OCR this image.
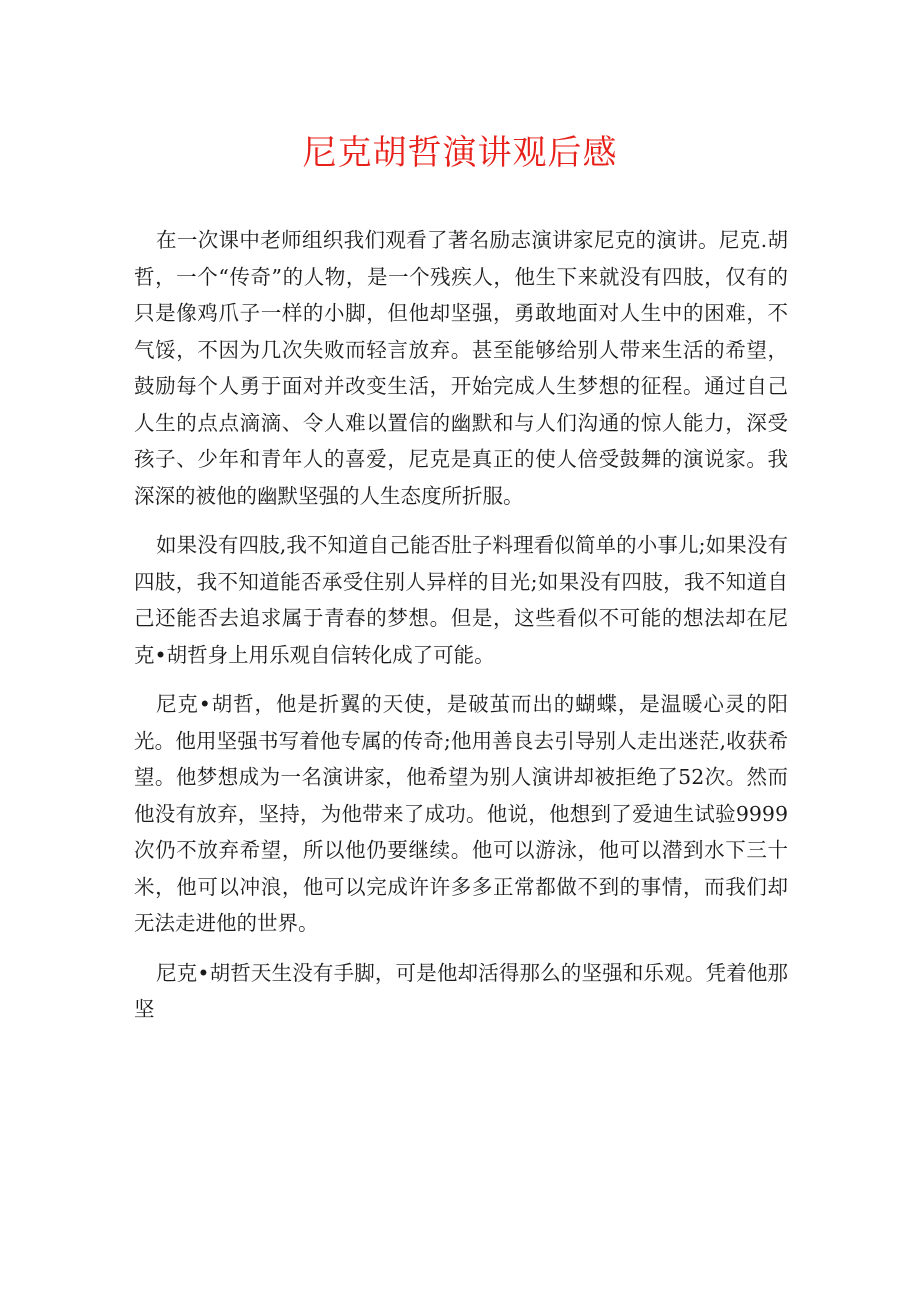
尼克胡哲演讲观后感

在一次课中老师组织我们观看了著名励志演讲家尼克的演讲。尼克.胡哲，一个“传奇”的人物，是一个残疾人，他生下来就没有四肢，仅有的只是像鸡爪子一样的小脚，但他却坚强，勇敢地面对人生中的困难，不气馁，不因为几次失败而轻言放弃。甚至能够给别人带来生活的希望，鼓励每个人勇于面对并改变生活，开始完成人生梦想的征程。通过自己人生的点点滴滴、令人难以置信的幽默和与人们沟通的惊人能力，深受孩子、少年和青年人的喜爱，尼克是真正的使人倍受鼓舞的演说家。我深深的被他的幽默坚强的人生态度所折服。

如果没有四肢,我不知道自己能否肚子料理看似简单的小事儿;如果没有四肢，我不知道能否承受住别人异样的目光;如果没有四肢，我不知道自己还能否去追求属于青春的梦想。但是，这些看似不可能的想法却在尼克•胡哲身上用乐观自信转化成了可能。

尼克•胡哲，他是折翼的天使，是破茧而出的蝴蝶，是温暖心灵的阳光。他用坚强书写着他专属的传奇;他用善良去引导别人走出迷茫,收获希望。他梦想成为一名演讲家，他希望为别人演讲却被拒绝了52次。然而他没有放弃，坚持，为他带来了成功。他说，他想到了爱迪生试验9999次仍不放弃希望，所以他仍要继续。他可以游泳，他可以潜到水下三十米，他可以冲浪，他可以完成许许多多正常都做不到的事情，而我们却无法走进他的世界。

尼克•胡哲天生没有手脚，可是他却活得那么的坚强和乐观。凭着他那坚
